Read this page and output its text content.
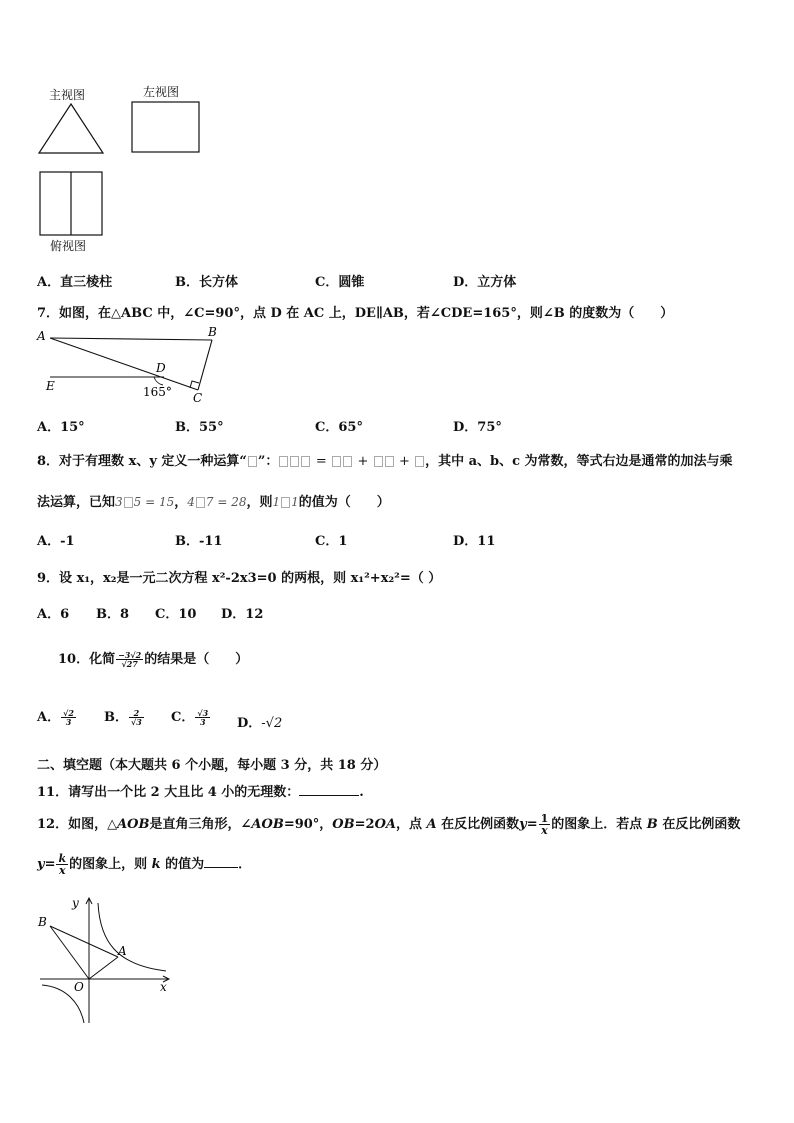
主视图	左视图
俯视图
A．直三棱柱	B．长方体	C．圆锥	D．立方体
7．如图，在△ABC 中，∠C=90°，点 D 在 AC 上，DE∥AB，若∠CDE=165°，则∠B 的度数为（　　）
A	B
D
E	165° C
A．15°	B．55°	C．65°	D．75°
8．对于有理数 x、y 定义一种运算“ ”：	=  +  + ，其中 a、b、c 为常数，等式右边是通常的加法与乘
法运算，已知3 5 = 15，4 7 = 28，则1 1的值为（　　）
A．-1	B．-11	C．1	D．11
9．设 x₁，x₂是一元二次方程 x²-2x3=0 的两根，则 x₁²+x₂²=（ ）
A．6 B．8 C．10 D．12
10．化简 $\frac{-3√2}{√27}$ 的结果是（　　）
A． $\frac{√2}{3}$ B． $\frac{2}{√3}$ C． $\frac{√3}{3}$ D．-√2
二、填空题（本大题共 6 个小题，每小题 3 分，共 18 分）
11．请写出一个比 2 大且比 4 小的无理数：	.
12．如图，△AOB是直角三角形，∠AOB=90°，OB=2OA，点 A 在反比例函数$y= \frac{1}{x}$ 的图象上．若点 B 在反比例函数
$y= \frac{k}{x}$ 的图象上，则 k 的值为	．
B
A
O	x
y
